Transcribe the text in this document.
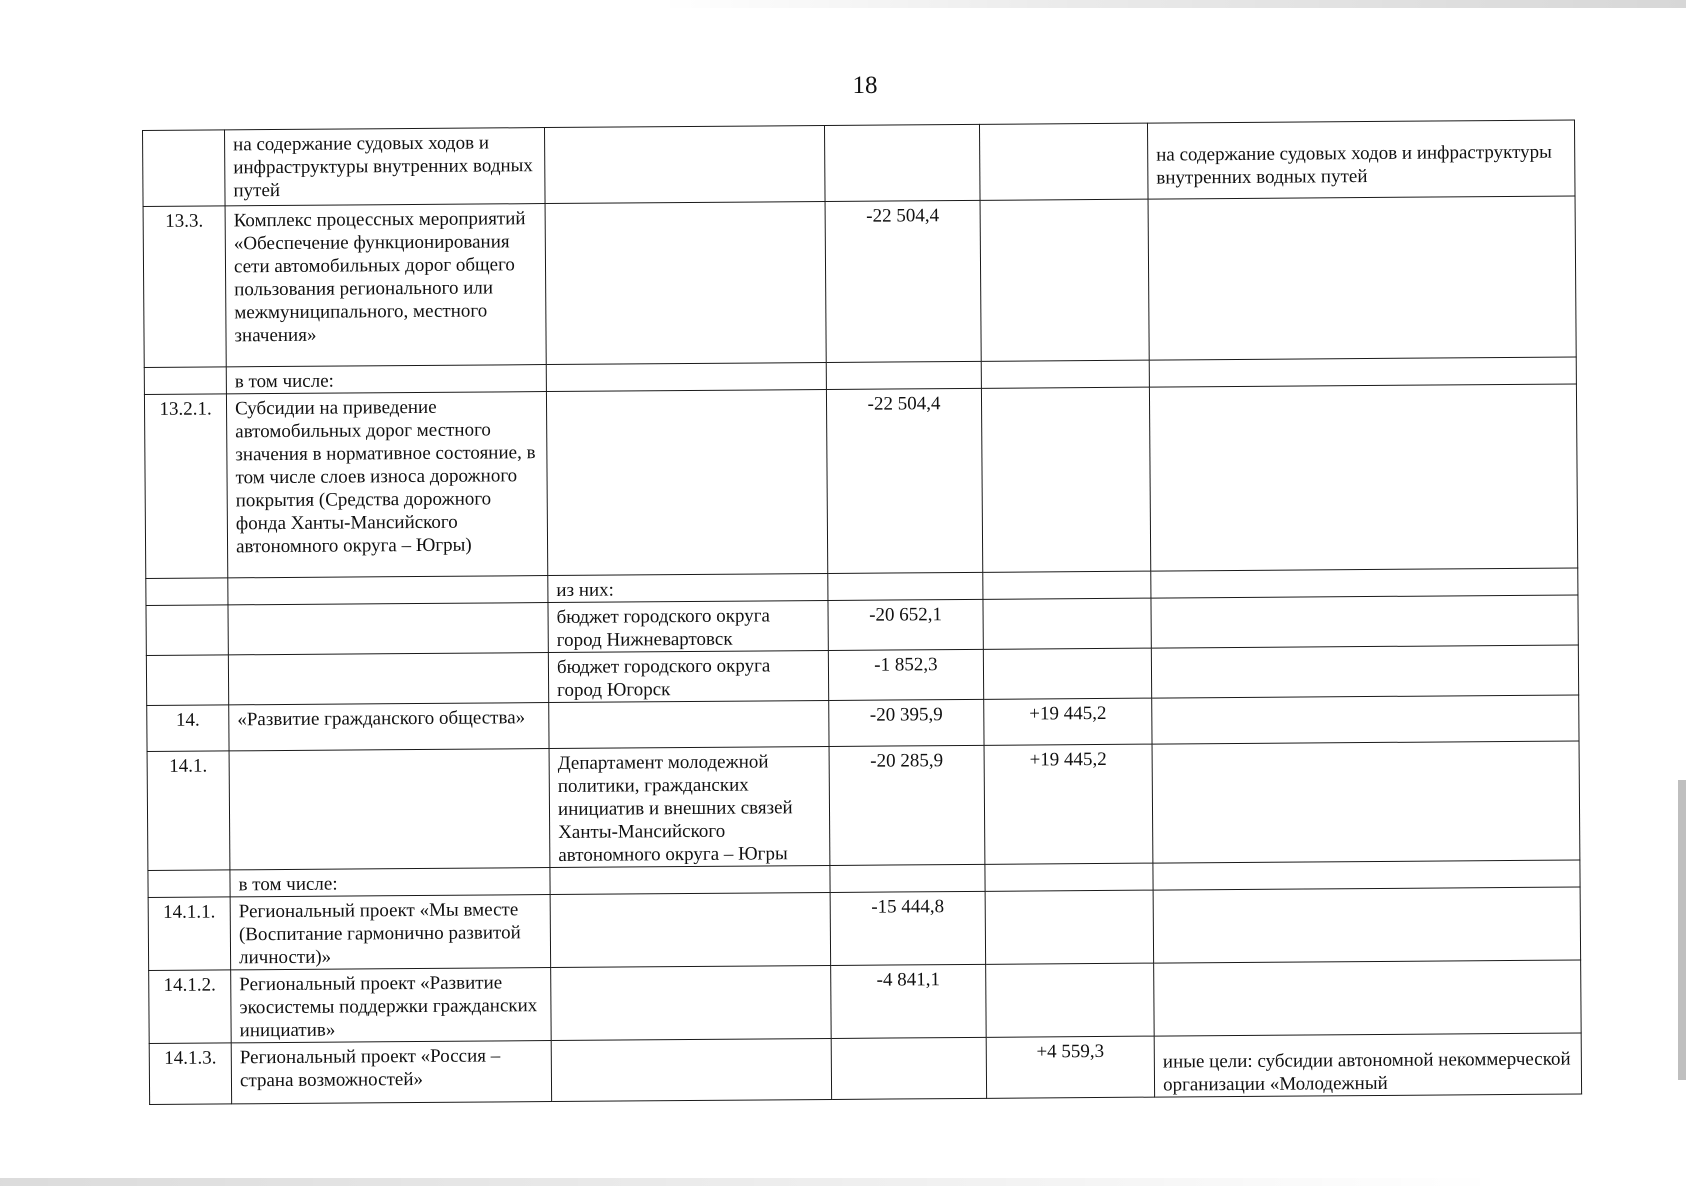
18
	на содержание судовых ходов и инфраструктуры внутренних водных путей				на содержание судовых ходов и инфраструктуры внутренних водных путей
13.3.	Комплекс процессных мероприятий «Обеспечение функционирования сети автомобильных дорог общего пользования регионального или межмуниципального, местного значения»		-22 504,4		
	в том числе:				
13.2.1.	Субсидии на приведение автомобильных дорог местного значения в нормативное состояние, в том числе слоев износа дорожного покрытия (Средства дорожного фонда Ханты-Мансийского автономного округа – Югры)		-22 504,4		
		из них:			
		бюджет городского округа город Нижневартовск	-20 652,1		
		бюджет городского округа город Югорск	-1 852,3		
14.	«Развитие гражданского общества»		-20 395,9	+19 445,2	
14.1.		Департамент молодежной политики, гражданских инициатив и внешних связей Ханты-Мансийского автономного округа – Югры	-20 285,9	+19 445,2	
	в том числе:				
14.1.1.	Региональный проект «Мы вместе (Воспитание гармонично развитой личности)»		-15 444,8		
14.1.2.	Региональный проект «Развитие экосистемы поддержки гражданских инициатив»		-4 841,1		
14.1.3.	Региональный проект «Россия – страна возможностей»			+4 559,3	иные цели: субсидии автономной некоммерческой организации «Молодежный
